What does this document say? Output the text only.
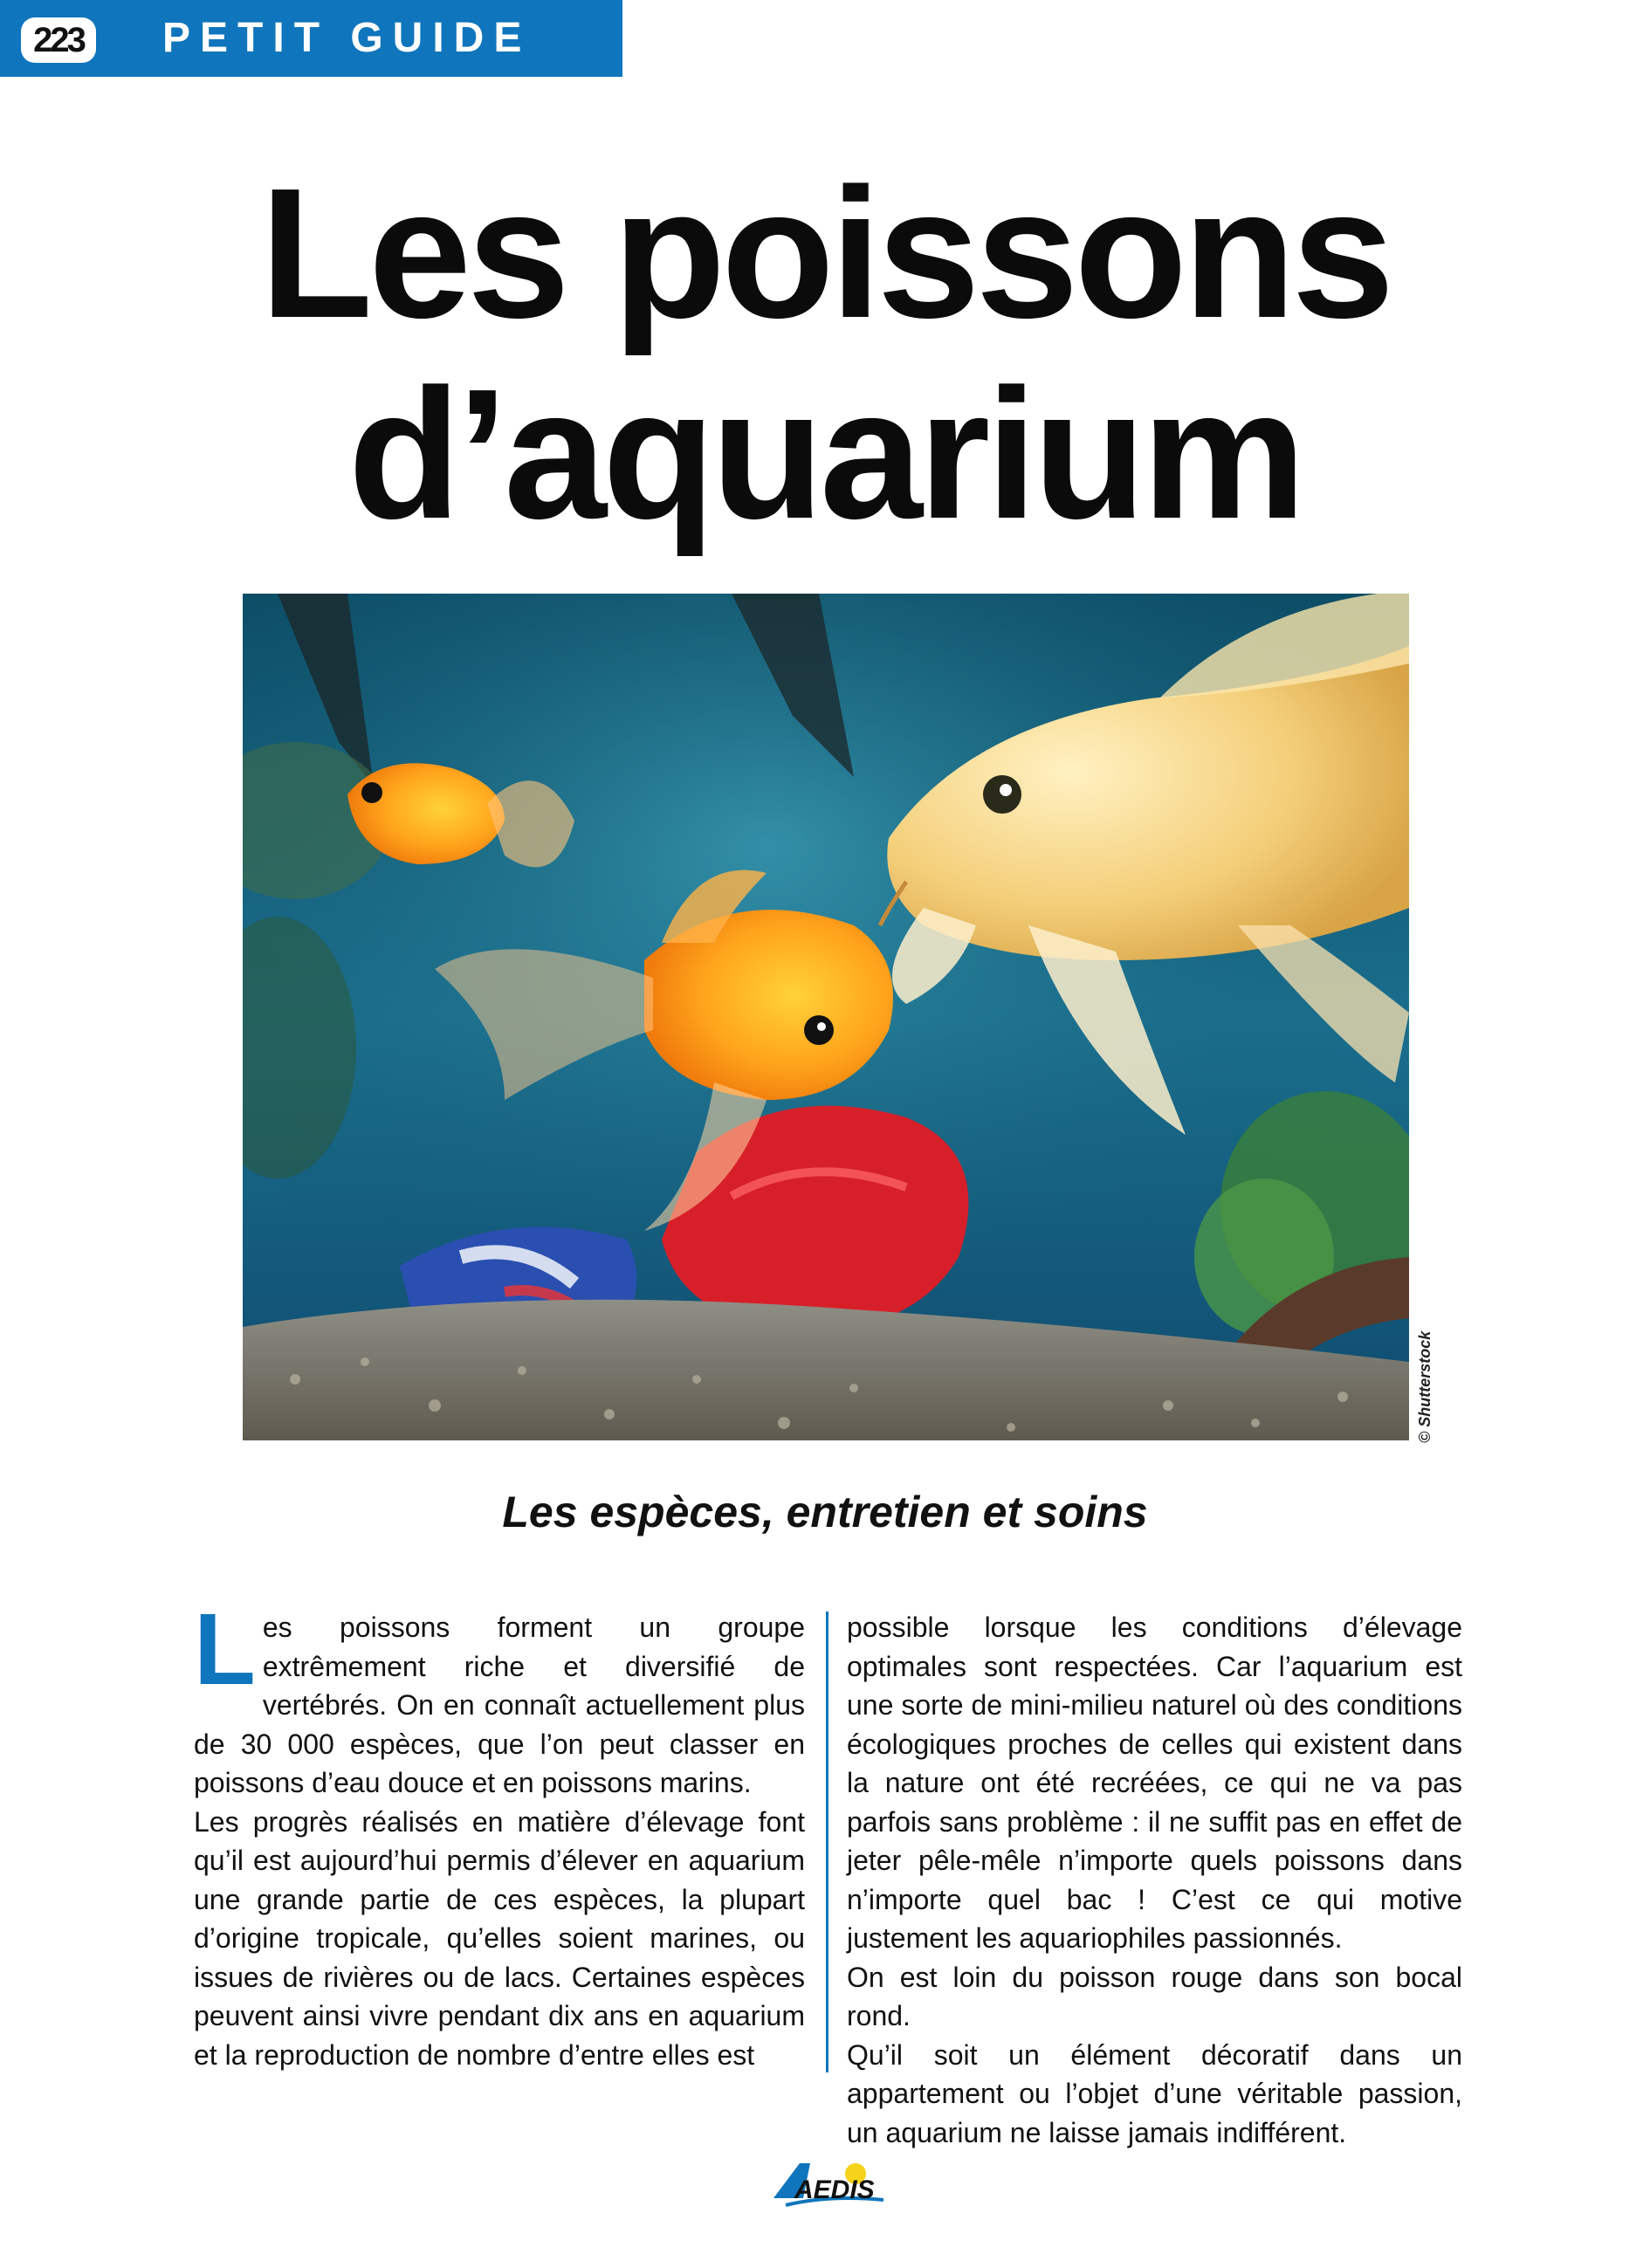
223 PETIT GUIDE
Les poissons
d’aquarium
© Shutterstock
Les espèces, entretien et soins

Les poissons forment un groupe extrêmement riche et diversifié de vertébrés. On en connaît actuellement plus de 30 000 espèces, que l’on peut classer en poissons d’eau douce et en poissons marins.

Les progrès réalisés en matière d’élevage font qu’il est aujourd’hui permis d’élever en aquarium une grande partie de ces espèces, la plupart d’origine tropicale, qu’elles soient marines, ou issues de rivières ou de lacs. Certaines espèces peuvent ainsi vivre pendant dix ans en aquarium et la reproduction de nombre d’entre elles est

possible lorsque les conditions d’élevage optimales sont respectées. Car l’aquarium est une sorte de mini-milieu naturel où des conditions écologiques proches de celles qui existent dans la nature ont été recréées, ce qui ne va pas parfois sans problème : il ne suffit pas en effet de jeter pêle-mêle n’importe quels poissons dans n’importe quel bac ! C’est ce qui motive justement les aquariophiles passionnés.

On est loin du poisson rouge dans son bocal rond.

Qu’il soit un élément décoratif dans un appartement ou l’objet d’une véritable passion, un aquarium ne laisse jamais indifférent.

AEDIS
